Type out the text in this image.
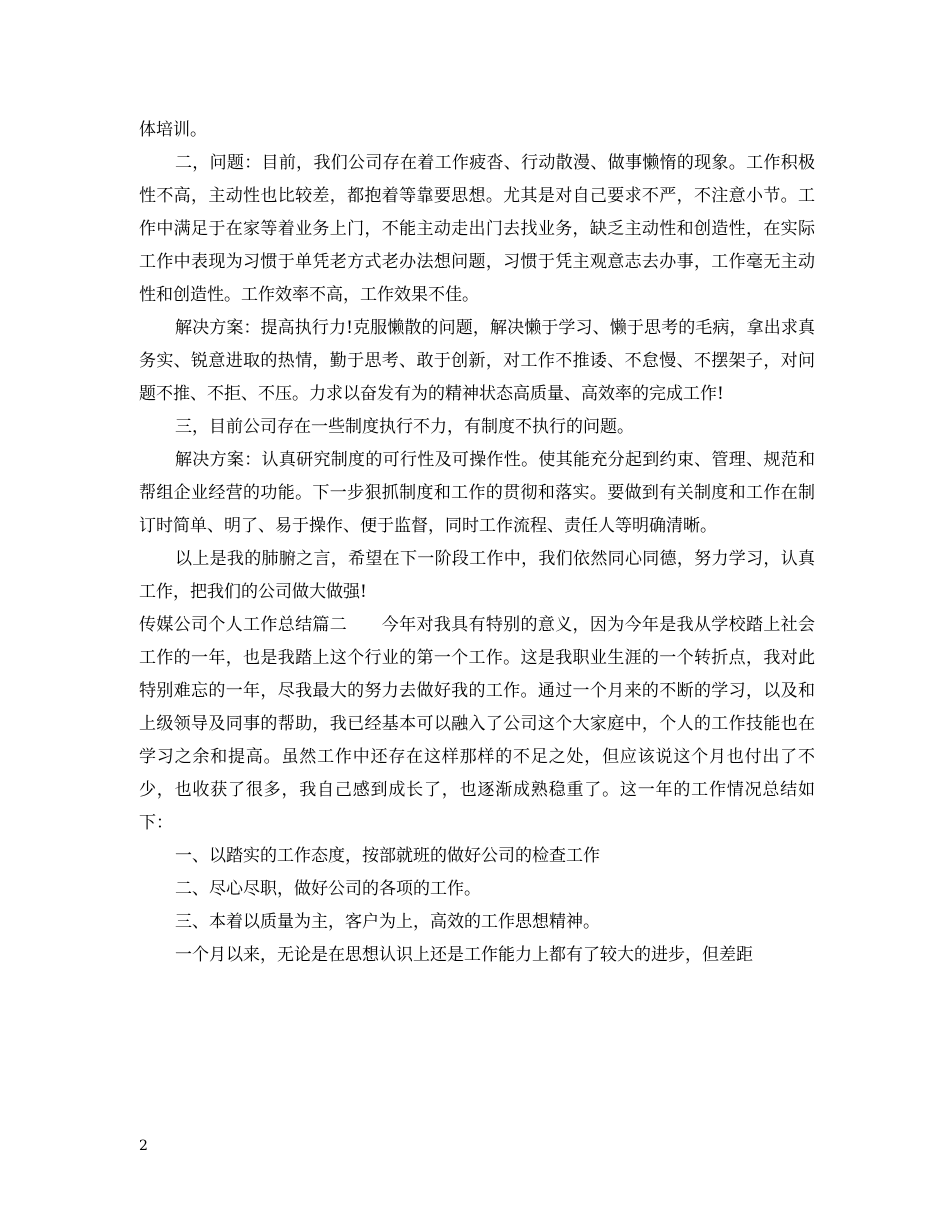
体培训。

二，问题：目前，我们公司存在着工作疲沓、行动散漫、做事懒惰的现象。工作积极性不高，主动性也比较差，都抱着等靠要思想。尤其是对自己要求不严，不注意小节。工作中满足于在家等着业务上门，不能主动走出门去找业务，缺乏主动性和创造性，在实际工作中表现为习惯于单凭老方式老办法想问题，习惯于凭主观意志去办事，工作毫无主动性和创造性。工作效率不高，工作效果不佳。

解决方案：提高执行力!克服懒散的问题，解决懒于学习、懒于思考的毛病，拿出求真务实、锐意进取的热情，勤于思考、敢于创新，对工作不推诿、不怠慢、不摆架子，对问题不推、不拒、不压。力求以奋发有为的精神状态高质量、高效率的完成工作!

三，目前公司存在一些制度执行不力，有制度不执行的问题。

解决方案：认真研究制度的可行性及可操作性。使其能充分起到约束、管理、规范和帮组企业经营的功能。下一步狠抓制度和工作的贯彻和落实。要做到有关制度和工作在制订时简单、明了、易于操作、便于监督，同时工作流程、责任人等明确清晰。

以上是我的肺腑之言，希望在下一阶段工作中，我们依然同心同德，努力学习，认真工作，把我们的公司做大做强!

传媒公司个人工作总结篇二　　今年对我具有特别的意义，因为今年是我从学校踏上社会工作的一年，也是我踏上这个行业的第一个工作。这是我职业生涯的一个转折点，我对此特别难忘的一年，尽我最大的努力去做好我的工作。通过一个月来的不断的学习，以及和上级领导及同事的帮助，我已经基本可以融入了公司这个大家庭中，个人的工作技能也在学习之余和提高。虽然工作中还存在这样那样的不足之处，但应该说这个月也付出了不少，也收获了很多，我自己感到成长了，也逐渐成熟稳重了。这一年的工作情况总结如下：

一、以踏实的工作态度，按部就班的做好公司的检查工作

二、尽心尽职，做好公司的各项的工作。

三、本着以质量为主，客户为上，高效的工作思想精神。

一个月以来，无论是在思想认识上还是工作能力上都有了较大的进步，但差距

2
